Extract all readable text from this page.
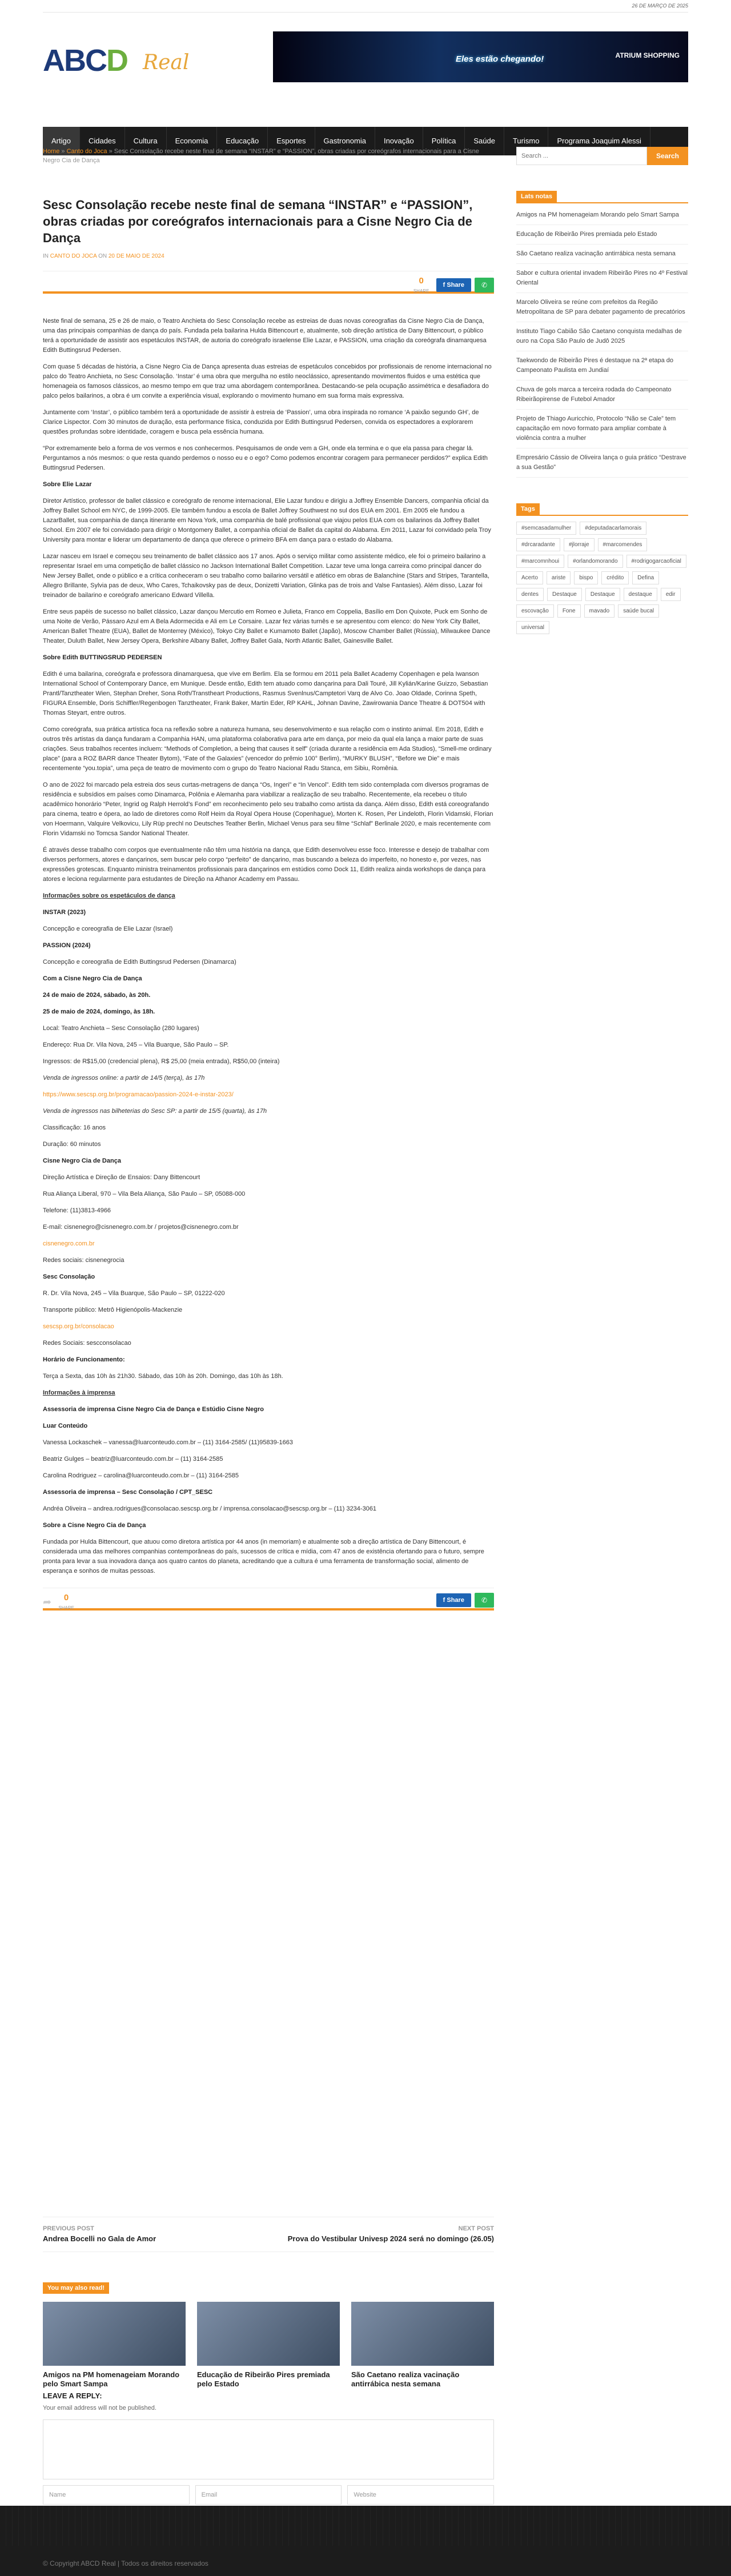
26 DE MARÇO DE 2025
ABCD Real	Eles estão chegando!	ATRIUM SHOPPING
Artigo	Cidades	Cultura	Economia	Educação	Esportes	Gastronomia	Inovação	Política	Saúde	Turismo	Programa Joaquim Alessi
Home » Canto do Joca » Sesc Consolação recebe neste final de semana “INSTAR” e “PASSION”, obras criadas por coreógrafos internacionais para a Cisne Negro Cia de Dança
Sesc Consolação recebe neste final de semana “INSTAR” e “PASSION”, obras criadas por coreógrafos internacionais para a Cisne Negro Cia de Dança
IN CANTO DO JOCA ON 20 DE MAIO DE 2024
0
SHARE
f Share	✆

Neste final de semana, 25 e 26 de maio, o Teatro Anchieta do Sesc Consolação recebe as estreias de duas novas coreografias da Cisne Negro Cia de Dança, uma das principais companhias de dança do país. Fundada pela bailarina Hulda Bittencourt e, atualmente, sob direção artística de Dany Bittencourt, o público terá a oportunidade de assistir aos espetáculos INSTAR, de autoria do coreógrafo israelense Elie Lazar, e PASSION, uma criação da coreógrafa dinamarquesa Edith Buttingsrud Pedersen.

Com quase 5 décadas de história, a Cisne Negro Cia de Dança apresenta duas estreias de espetáculos concebidos por profissionais de renome internacional no palco do Teatro Anchieta, no Sesc Consolação. ‘Instar’ é uma obra que mergulha no estilo neoclássico, apresentando movimentos fluidos e uma estética que homenageia os famosos clássicos, ao mesmo tempo em que traz uma abordagem contemporânea. Destacando-se pela ocupação assimétrica e desafiadora do palco pelos bailarinos, a obra é um convite a experiência visual, explorando o movimento humano em sua forma mais expressiva.

Juntamente com ‘Instar’, o público também terá a oportunidade de assistir à estreia de ‘Passion’, uma obra inspirada no romance ‘A paixão segundo GH’, de Clarice Lispector. Com 30 minutos de duração, esta performance física, conduzida por Edith Buttingsrud Pedersen, convida os espectadores a explorarem questões profundas sobre identidade, coragem e busca pela essência humana.

“Por extremamente belo a forma de vos vermos e nos conhecermos. Pesquisamos de onde vem a GH, onde ela termina e o que ela passa para chegar lá. Perguntamos a nós mesmos: o que resta quando perdemos o nosso eu e o ego? Como podemos encontrar coragem para permanecer perdidos?” explica Edith Buttingsrud Pedersen.

Sobre Elie Lazar

Diretor Artístico, professor de ballet clássico e coreógrafo de renome internacional, Elie Lazar fundou e dirigiu a Joffrey Ensemble Dancers, companhia oficial da Joffrey Ballet School em NYC, de 1999-2005. Ele também fundou a escola de Ballet Joffrey Southwest no sul dos EUA em 2001. Em 2005 ele fundou a LazarBallet, sua companhia de dança itinerante em Nova York, uma companhia de balé profissional que viajou pelos EUA com os bailarinos da Joffrey Ballet School. Em 2007 ele foi convidado para dirigir o Montgomery Ballet, a companhia oficial de Ballet da capital do Alabama. Em 2011, Lazar foi convidado pela Troy University para montar e liderar um departamento de dança que oferece o primeiro BFA em dança para o estado do Alabama.

Lazar nasceu em Israel e começou seu treinamento de ballet clássico aos 17 anos. Após o serviço militar como assistente médico, ele foi o primeiro bailarino a representar Israel em uma competição de ballet clássico no Jackson International Ballet Competition. Lazar teve uma longa carreira como principal dancer do New Jersey Ballet, onde o público e a crítica conheceram o seu trabalho como bailarino versátil e atlético em obras de Balanchine (Stars and Stripes, Tarantella, Allegro Brillante, Sylvia pas de deux, Who Cares, Tchaikovsky pas de deux, Donizetti Variation, Glinka pas de trois and Valse Fantasies). Além disso, Lazar foi treinador de bailarino e coreógrafo americano Edward Villella.

Entre seus papéis de sucesso no ballet clássico, Lazar dançou Mercutio em Romeo e Julieta, Franco em Coppelia, Basílio em Don Quixote, Puck em Sonho de uma Noite de Verão, Pássaro Azul em A Bela Adormecida e Ali em Le Corsaire. Lazar fez várias turnês e se apresentou com elenco: do New York City Ballet, American Ballet Theatre (EUA), Ballet de Monterrey (México), Tokyo City Ballet e Kumamoto Ballet (Japão), Moscow Chamber Ballet (Rússia), Milwaukee Dance Theater, Duluth Ballet, New Jersey Opera, Berkshire Albany Ballet, Joffrey Ballet Gala, North Atlantic Ballet, Gainesville Ballet.

Sobre Edith BUTTINGSRUD PEDERSEN

Edith é uma bailarina, coreógrafa e professora dinamarquesa, que vive em Berlim. Ela se formou em 2011 pela Ballet Academy Copenhagen e pela Iwanson International School of Contemporary Dance, em Munique. Desde então, Edith tem atuado como dançarina para Dali Touré, Jill Kylián/Karine Guizzo, Sebastian Prantl/Tanztheater Wien, Stephan Dreher, Sona Roth/Transtheart Productions, Rasmus Svenlnus/Camptetori Varq de Alvo Co. Joao Oldade, Corinna Speth, FIGURA Ensemble, Doris Schiffler/Regenbogen Tanztheater, Frank Baker, Martin Eder, RP KAHL, Johnan Davine, Zawirowania Dance Theatre & DOT504 with Thomas Steyart, entre outros.

Como coreógrafa, sua prática artística foca na reflexão sobre a natureza humana, seu desenvolvimento e sua relação com o instinto animal. Em 2018, Edith e outros três artistas da dança fundaram a Companhia HAN, uma plataforma colaborativa para arte em dança, por meio da qual ela lança a maior parte de suas criações. Seus trabalhos recentes incluem: “Methods of Completion, a being that causes it self” (criada durante a residência em Ada Studios), “Smell-me ordinary place” (para a ROZ BARR dance Theater Bytom), “Fate of the Galaxies” (vencedor do prêmio 100° Berlim), “MURKY BLUSH”, “Before we Die” e mais recentemente “you.topia”, uma peça de teatro de movimento com o grupo do Teatro Nacional Radu Stanca, em Sibiu, Romênia.

O ano de 2022 foi marcado pela estreia dos seus curtas-metragens de dança “Os, Ingeri” e “In Vencol”. Edith tem sido contemplada com diversos programas de residência e subsídios em países como Dinamarca, Polônia e Alemanha para viabilizar a realização de seu trabalho. Recentemente, ela recebeu o título acadêmico honorário “Peter, Ingrid og Ralph Herrold’s Fond” em reconhecimento pelo seu trabalho como artista da dança. Além disso, Edith está coreografando para cinema, teatro e ópera, ao lado de diretores como Rolf Heim da Royal Opera House (Copenhague), Morten K. Rosen, Per Lindeloth, Florin Vidamski, Florian von Hoermann, Valquire Velkovicu, Lily Rüp prechl no Deutsches Teather Berlin, Michael Venus para seu filme “Schlaf” Berlinale 2020, e mais recentemente com Florin Vidamski no Tomcsa Sandor National Theater.

É através desse trabalho com corpos que eventualmente não têm uma história na dança, que Edith desenvolveu esse foco. Interesse e desejo de trabalhar com diversos performers, atores e dançarinos, sem buscar pelo corpo “perfeito” de dançarino, mas buscando a beleza do imperfeito, no honesto e, por vezes, nas expressões grotescas. Enquanto ministra treinamentos profissionais para dançarinos em estúdios como Dock 11, Edith realiza ainda workshops de dança para atores e leciona regularmente para estudantes de Direção na Athanor Academy em Passau.

Informações sobre os espetáculos de dança

INSTAR (2023)

Concepção e coreografia de Elie Lazar (Israel)

PASSION (2024)

Concepção e coreografia de Edith Buttingsrud Pedersen (Dinamarca)

Com a Cisne Negro Cia de Dança

24 de maio de 2024, sábado, às 20h.

25 de maio de 2024, domingo, às 18h.

Local: Teatro Anchieta – Sesc Consolação (280 lugares)

Endereço: Rua Dr. Vila Nova, 245 – Vila Buarque, São Paulo – SP.

Ingressos: de R$15,00 (credencial plena), R$ 25,00 (meia entrada), R$50,00 (inteira)

Venda de ingressos online: a partir de 14/5 (terça), às 17h

https://www.sescsp.org.br/programacao/passion-2024-e-instar-2023/

Venda de ingressos nas bilheterias do Sesc SP: a partir de 15/5 (quarta), às 17h

Classificação: 16 anos

Duração: 60 minutos

Cisne Negro Cia de Dança

Direção Artística e Direção de Ensaios: Dany Bittencourt

Rua Aliança Liberal, 970 – Vila Bela Aliança, São Paulo – SP, 05088-000

Telefone: (11)3813-4966

E-mail: cisnenegro@cisnenegro.com.br / projetos@cisnenegro.com.br

cisnenegro.com.br

Redes sociais: cisnenegrocia

Sesc Consolação

R. Dr. Vila Nova, 245 – Vila Buarque, São Paulo – SP, 01222-020

Transporte público: Metrô Higienópolis-Mackenzie

sescsp.org.br/consolacao

Redes Sociais: sescconsolacao

Horário de Funcionamento:

Terça a Sexta, das 10h às 21h30. Sábado, das 10h às 20h. Domingo, das 10h às 18h.

Informações à imprensa

Assessoria de imprensa Cisne Negro Cia de Dança e Estúdio Cisne Negro

Luar Conteúdo

Vanessa Lockaschek – vanessa@luarconteudo.com.br – (11) 3164-2585/ (11)95839-1663

Beatriz Gulges – beatriz@luarconteudo.com.br – (11) 3164-2585

Carolina Rodriguez – carolina@luarconteudo.com.br – (11) 3164-2585

Assessoria de imprensa – Sesc Consolação / CPT_SESC

Andréa Oliveira – andrea.rodrigues@consolacao.sescsp.org.br / imprensa.consolacao@sescsp.org.br – (11) 3234-3061

Sobre a Cisne Negro Cia de Dança

Fundada por Hulda Bittencourt, que atuou como diretora artística por 44 anos (in memoriam) e atualmente sob a direção artística de Dany Bittencourt, é considerada uma das melhores companhias contemporâneas do país, sucessos de crítica e mídia, com 47 anos de existência ofertando para o futuro, sempre pronta para levar a sua inovadora dança aos quatro cantos do planeta, acreditando que a cultura é uma ferramenta de transformação social, alimento de esperança e sonhos de muitas pessoas.

➦	0
SHARE
f Share	✆
Search ...
Search
Lats notas
Amigos na PM homenageiam Morando pelo Smart Sampa
Educação de Ribeirão Pires premiada pelo Estado
São Caetano realiza vacinação antirrábica nesta semana
Sabor e cultura oriental invadem Ribeirão Pires no 4º Festival Oriental
Marcelo Oliveira se reúne com prefeitos da Região Metropolitana de SP para debater pagamento de precatórios
Instituto Tiago Cabião São Caetano conquista medalhas de ouro na Copa São Paulo de Judô 2025
Taekwondo de Ribeirão Pires é destaque na 2ª etapa do Campeonato Paulista em Jundiaí
Chuva de gols marca a terceira rodada do Campeonato Ribeirãopirense de Futebol Amador
Projeto de Thiago Auricchio, Protocolo “Não se Cale” tem capacitação em novo formato para ampliar combate à violência contra a mulher
Empresário Cássio de Oliveira lança o guia prático “Destrave a sua Gestão”
Tags
#semcasadamulher	#deputadacarlamorais
#drcaradante	#jlorraje	#marcomendes
#marcomnhoui	#orlandomorando	#rodrigogarcaoficial
Acerto	ariste	bispo	crédito	Defina
dentes	Destaque	Destaque	destaque	edir
escovação	Fone	mavado	saúde bucal
universal
PREVIOUS POST
Andrea Bocelli no Gala de Amor
NEXT POST
Prova do Vestibular Univesp 2024 será no domingo (26.05)
You may also read!
Amigos na PM homenageiam Morando pelo Smart Sampa
Educação de Ribeirão Pires premiada pelo Estado
São Caetano realiza vacinação antirrábica nesta semana
LEAVE A REPLY:
Your email address will not be published.
Name	Email	Website
© Copyright ABCD Real | Todos os direitos reservados
